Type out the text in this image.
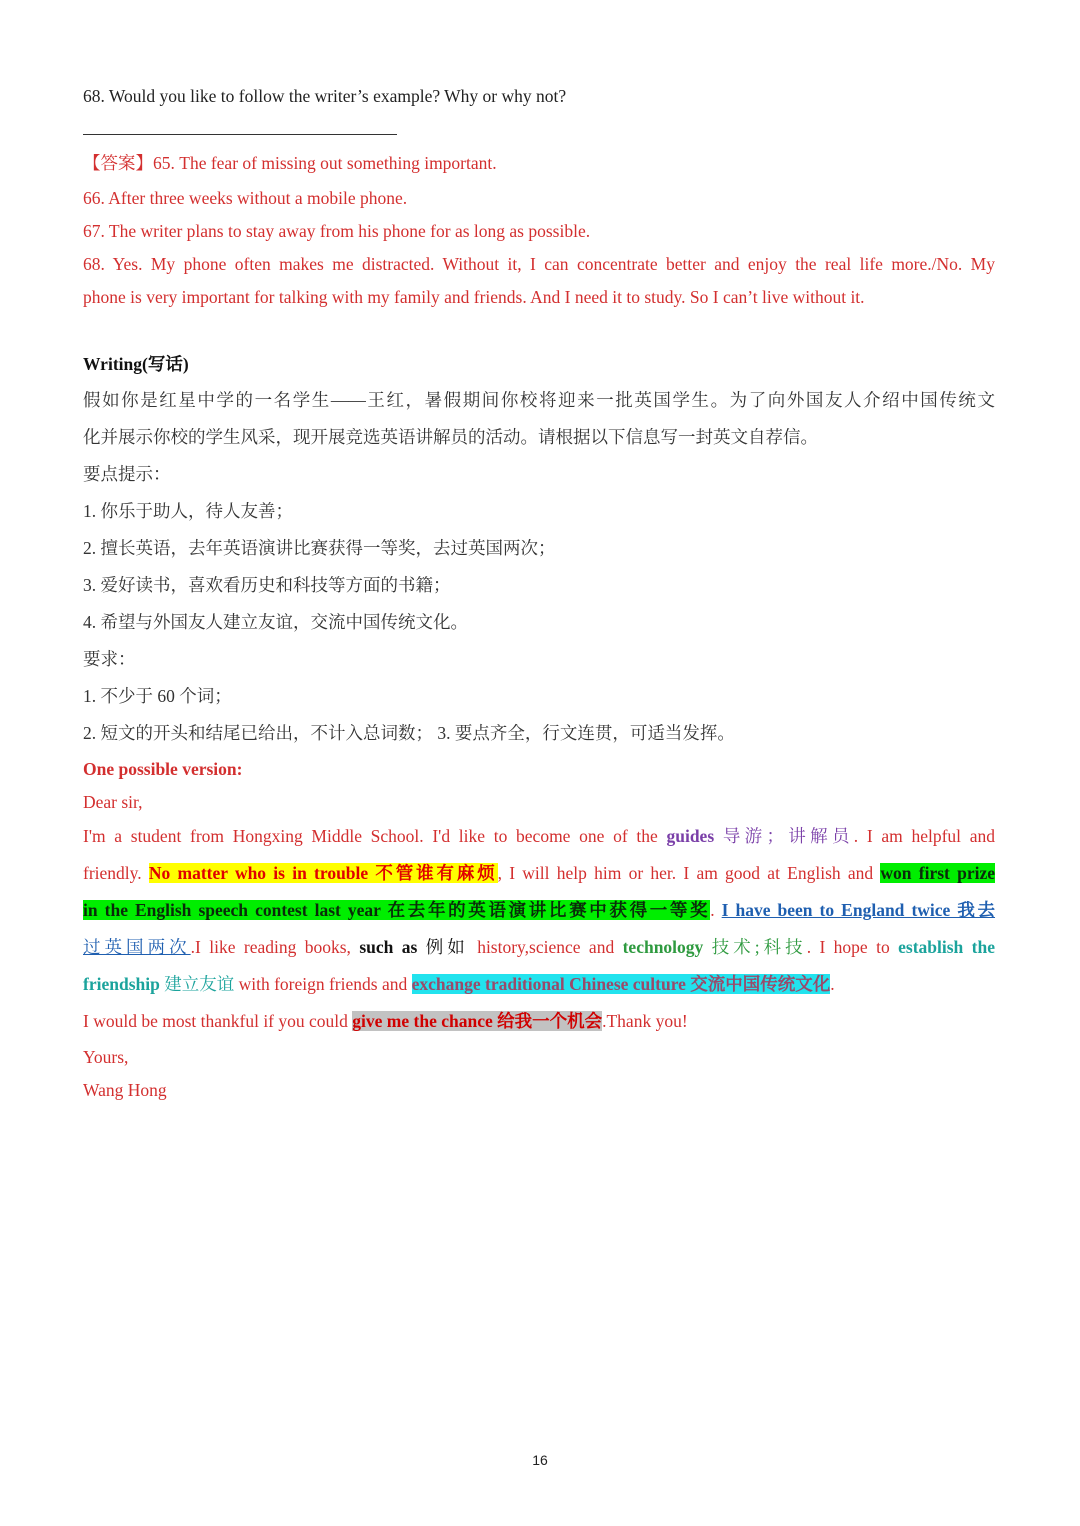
68. Would you like to follow the writer’s example? Why or why not?
【答案】65. The fear of missing out something important.
66. After three weeks without a mobile phone.
67. The writer plans to stay away from his phone for as long as possible.
68. Yes. My phone often makes me distracted. Without it, I can concentrate better and enjoy the real life more./No. My
phone is very important for talking with my family and friends. And I need it to study. So I can’t live without it.
Writing(写话)
假如你是红星中学的一名学生——王红，暑假期间你校将迎来一批英国学生。为了向外国友人介绍中国传统文
化并展示你校的学生风采，现开展竞选英语讲解员的活动。请根据以下信息写一封英文自荐信。
要点提示：
1. 你乐于助人，待人友善；
2. 擅长英语，去年英语演讲比赛获得一等奖，去过英国两次；
3. 爱好读书，喜欢看历史和科技等方面的书籍；
4. 希望与外国友人建立友谊，交流中国传统文化。
要求：
1. 不少于 60 个词；
2. 短文的开头和结尾已给出，不计入总词数； 3. 要点齐全，行文连贯，可适当发挥。
One possible version:
Dear sir,
I'm a student from Hongxing Middle School. I'd like to become one of the guides 导游；讲解员. I am helpful and
friendly. No matter who is in trouble 不管谁有麻烦, I will help him or her. I am good at English and won first prize
in the English speech contest last year 在去年的英语演讲比赛中获得一等奖. I have been to England twice 我去
过英国两次.I like reading books, such as 例如 history,science and technology 技术;科技. I hope to establish the
friendship 建立友谊 with foreign friends and exchange traditional Chinese culture 交流中国传统文化.
I would be most thankful if you could give me the chance 给我一个机会.Thank you!
Yours,
Wang Hong
16
